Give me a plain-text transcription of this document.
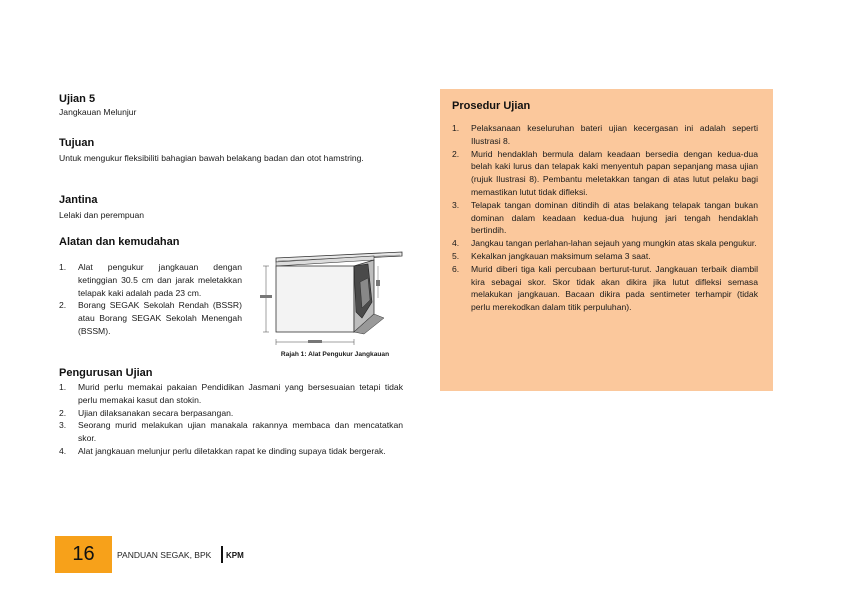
Ujian 5
Jangkauan Melunjur
Tujuan
Untuk mengukur fleksibiliti bahagian bawah belakang badan dan otot hamstring.
Jantina
Lelaki dan perempuan
Alatan dan kemudahan
1.	Alat pengukur jangkauan dengan ketinggian 30.5 cm dan jarak meletakkan telapak kaki adalah pada 23 cm.
2.	Borang SEGAK Sekolah Rendah (BSSR) atau Borang SEGAK Sekolah Menengah (BSSM).
Rajah 1: Alat Pengukur Jangkauan
Pengurusan Ujian
1.	Murid perlu memakai pakaian Pendidikan Jasmani yang bersesuaian tetapi tidak perlu memakai kasut dan stokin.
2.	Ujian dilaksanakan secara berpasangan.
3.	Seorang murid melakukan ujian manakala rakannya membaca dan mencatatkan skor.
4.	Alat jangkauan melunjur perlu diletakkan rapat ke dinding supaya tidak bergerak.
Prosedur Ujian
1.	Pelaksanaan keseluruhan bateri ujian kecergasan ini adalah seperti Ilustrasi 8.
2.	Murid hendaklah bermula dalam keadaan bersedia dengan kedua-dua belah kaki lurus dan telapak kaki menyentuh papan sepanjang masa ujian (rujuk Ilustrasi 8). Pembantu meletakkan tangan di atas lutut pelaku bagi memastikan lutut tidak difleksi.
3.	Telapak tangan dominan ditindih di atas belakang telapak tangan bukan dominan dalam keadaan kedua-dua hujung jari tengah hendaklah bertindih.
4.	Jangkau tangan perlahan-lahan sejauh yang mungkin atas skala pengukur.
5.	Kekalkan jangkauan maksimum selama 3 saat.
6.	Murid diberi tiga kali percubaan berturut-turut. Jangkauan terbaik diambil kira sebagai skor. Skor tidak akan dikira jika lutut difleksi semasa melakukan jangkauan. Bacaan dikira pada sentimeter terhampir (tidak perlu merekodkan dalam titik perpuluhan).
16	PANDUAN SEGAK, BPK KPM
